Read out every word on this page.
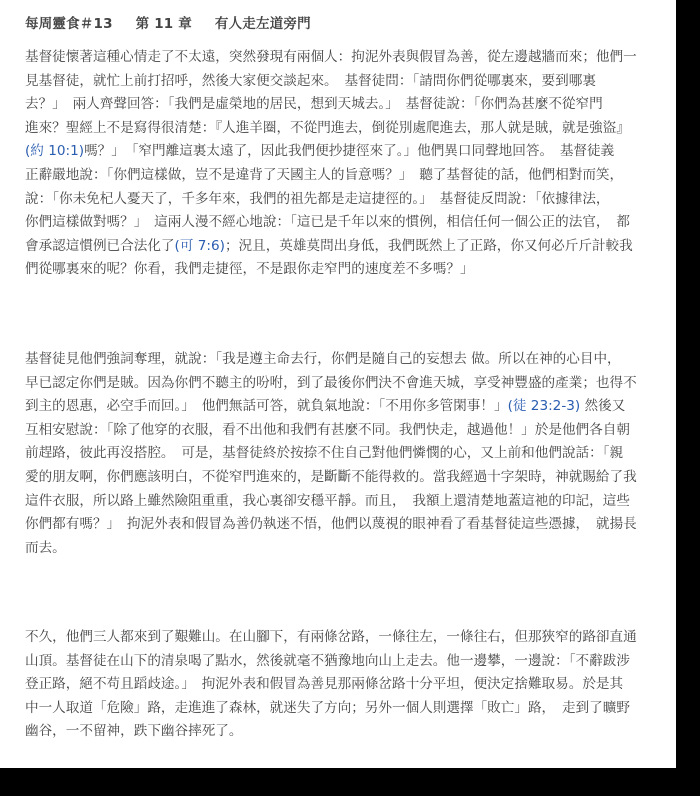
每周靈食＃13 第 11 章 有人走左道旁門
基督徒懷著這種心情走了不太遠，突然發現有兩個人：拘泥外表與假冒為善，從左邊越牆而來；他們一
見基督徒，就忙上前打招呼，然後大家便交談起來。　基督徒問：「請問你們從哪裏來，要到哪裏
去？」　兩人齊聲回答：「我們是虛榮地的居民，想到天城去。」　基督徒說：「你們為甚麼不從窄門
進來？聖經上不是寫得很清楚：『人進羊圈，不從門進去，倒從別處爬進去，那人就是賊，就是強盜』
(約 10:1)嗎？」　「窄門離這裏太遠了，因此我們便抄捷徑來了。」他們異口同聲地回答。　基督徒義
正辭嚴地說：「你們這樣做，豈不是違背了天國主人的旨意嗎？」　聽了基督徒的話，他們相對而笑，
說：「你未免杞人憂天了，千多年來，我們的祖先都是走這捷徑的。」　基督徒反問說：「依據律法，
你們這樣做對嗎？」　這兩人漫不經心地說：「這已是千年以來的慣例，相信任何一個公正的法官，　都
會承認這慣例已合法化了(可 7:6)；況且，英雄莫問出身低，我們既然上了正路，你又何必斤斤計較我
們從哪裏來的呢？你看，我們走捷徑，不是跟你走窄門的速度差不多嗎？」
基督徒見他們強詞奪理，就說：「我是遵主命去行，你們是隨自己的妄想去 做。所以在神的心目中，
早已認定你們是賊。因為你們不聽主的吩咐，到了最後你們決不會進天城，享受神豐盛的產業；也得不
到主的恩惠，必空手而回。」　他們無話可答，就負氣地說：「不用你多管閑事！」(徒 23:2-3) 然後又
互相安慰說：「除了他穿的衣服，看不出他和我們有甚麼不同。我們快走，越過他！」於是他們各自朝
前趕路，彼此再沒搭腔。　可是，基督徒終於按捺不住自己對他們憐憫的心，又上前和他們說話：「親
愛的朋友啊，你們應該明白，不從窄門進來的，是斷斷不能得救的。當我經過十字架時，神就賜給了我
這件衣服，所以路上雖然險阻重重，我心裏卻安穩平靜。而且，　我額上還清楚地蓋這祂的印記，這些
你們都有嗎？」　拘泥外表和假冒為善仍執迷不悟，他們以蔑視的眼神看了看基督徒這些憑據，　就揚長
而去。
不久，他們三人都來到了艱難山。在山腳下，有兩條岔路，一條往左，一條往右，但那狹窄的路卻直通
山頂。基督徒在山下的清泉喝了點水，然後就毫不猶豫地向山上走去。他一邊攀，一邊說：「不辭跋涉
登正路，絕不苟且蹈歧途。」　拘泥外表和假冒為善見那兩條岔路十分平坦，便決定捨難取易。於是其
中一人取道「危險」路，走進進了森林，就迷失了方向；另外一個人則選擇「敗亡」路，　走到了曠野
幽谷，一不留神，跌下幽谷摔死了。
